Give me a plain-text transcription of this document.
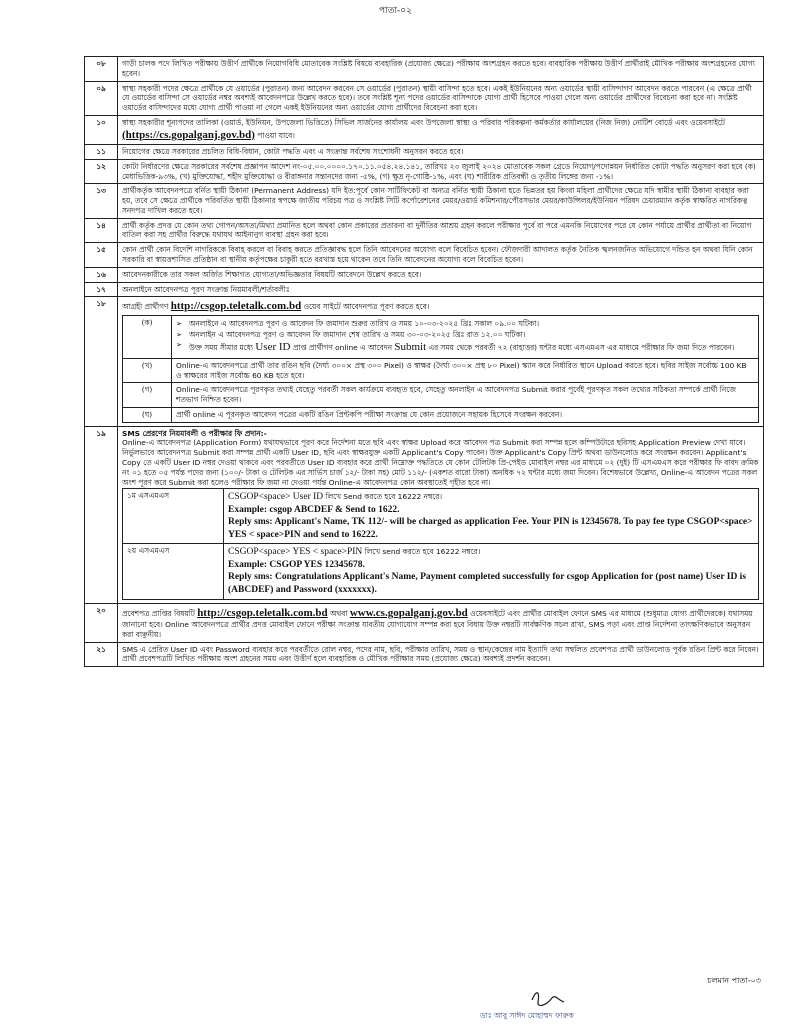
পাতা-০২
০৮	গাড়ী চালক পদে লিখিত পরীক্ষায় উত্তীর্ণ প্রার্থীকে নিয়োগবিধি মোতাবেক সংশ্লিষ্ট বিষয়ে ব্যবহারিক (প্রযোজ্য ক্ষেত্রে) পরীক্ষায় অংশগ্রহন করতে হবে। ব্যবহারিক পরীক্ষায় উত্তীর্ণ প্রার্থীরাই মৌখিক পরীক্ষায় অংশগ্রহনের যোগ্য হবেন।
০৯	স্বাস্থ্য সহকারী পদের ক্ষেত্রে প্রার্থীকে যে ওয়ার্ডের (পুরাতন) জন্য আবেদন করবেন সে ওয়ার্ডের (পুরাতন) স্থায়ী বাসিন্দা হতে হবে। একই ইউনিয়নের অন্য ওয়ার্ডের স্থায়ী বাসিন্দাগণ আবেদন করতে পারবেন (এ ক্ষেত্রে প্রার্থী যে ওয়ার্ডের বাসিন্দা সে ওয়ার্ডের নম্বর অবশ্যই আবেদনপত্রে উল্লেখ করতে হবে)। তবে সংশ্লিষ্ট শূন্য পদের ওয়ার্ডের বাসিন্দাকে যোগ্য প্রার্থী হিসেবে পাওয়া গেলে অন্য ওয়ার্ডের প্রার্থীদের বিবেচনা করা হবে না। সংশ্লিষ্ট ওয়ার্ডের বাসিন্দাদের মধ্যে যোগ্য প্রার্থী পাওয়া না গেলে একই ইউনিয়নের অন্য ওয়ার্ডের যোগ্য প্রার্থীদের বিবেচনা করা হবে।
১০	স্বাস্থ্য সহকারীর শূন্যপদের তালিকা (ওয়ার্ড, ইউনিয়ন, উপজেলা ভিত্তিতে) সিভিল সার্জনের কার্যালয় এবং উপজেলা স্বাস্থ্য ও পরিবার পরিকল্পনা কর্মকর্তার কার্যালয়ের (নিজ নিজ) নোটিশ বোর্ডে এবং ওয়েবসাইটে (https://cs.gopalganj.gov.bd) পাওয়া যাবে।
১১	নিয়োগের ক্ষেত্রে সরকারের প্রচলিত বিধি-বিধান, কোটা পদ্ধতি এবং এ সংক্রান্ত সর্বশেষ সংশোধনী অনুসরন করতে হবে।
১২	কোটা নির্ধারণের ক্ষেত্রে সরকারের সর্বশেষ প্রজ্ঞাপন আদেশ নং-০৫.০০.০০০০.১৭০.১১.০৫৪.২৪.১৪১, তারিখঃ ২৩ জুলাই ২০২৪ মোতাবেক সকল গ্রেডে নিয়োগ/পদোন্নয়ন নির্ধারিত কোটা পদ্ধতি অনুসরণ করা হবে (ক) মেধাভিত্তিক-৯৩%, (খ) মুক্তিযোদ্ধা, শহীদ মুক্তিযোদ্ধা ও বীরাঙ্গনার সন্তানদের জন্য -৫%, (গ) ক্ষুদ্র নৃ-গোষ্ঠি-১%, এবং (ঘ) শারীরিক প্রতিবন্ধী ও তৃতীয় লিঙ্গের জন্য -১%।
১৩	প্রার্থীকর্তৃক আবেদনপত্রে বর্নিত স্থায়ী ঠিকানা (Permanent Address) যদি ইত:পূর্বে কোন সার্টিফিকেট বা অন্যত্র বর্নিত স্থায়ী ঠিকানা হতে ভিন্নতর হয় কিংবা মহিলা প্রার্থীদের ক্ষেত্রে যদি স্বামীর স্থায়ী ঠিকানা ব্যবহার করা হয়, তবে সে ক্ষেত্রে প্রার্থীকে পরিবর্তিত স্থায়ী ঠিকানার স্বপক্ষে জাতীয় পরিচয় পত্র ও সংশ্লিষ্ট সিটি কর্পোরেশনের মেয়র/ওয়ার্ড কমিশনার/পৌরসভার মেয়র/কাউন্সিলর/ইউনিয়ন পরিষদ চেয়ারম্যান কর্তৃক স্বাক্ষরিত নাগরিকত্ব সনদপত্র দাখিল করতে হবে।
১৪	প্রার্থী কর্তৃক প্রদত্ত যে কোন তথ্য গোপন/অসত্য/মিথ্যা প্রমানিত হলে অথবা কোন প্রকারের প্রতারনা বা দুর্নীতির আশ্রয় গ্রহন করলে পরীক্ষার পূর্বে বা পরে এমনকি নিয়োগের পরে যে কোন পর্যায়ে প্রার্থীর প্রার্থীতা বা নিয়োগ বাতিল করা সহ প্রার্থীর বিরুদ্ধে যথাযথ আইনানুগ ব্যবস্থা গ্রহন করা হবে।
১৫	কোন প্রার্থী কোন বিদেশি নাগরিককে বিবাহ করলে বা বিবাহ করতে প্রতিজ্ঞাবদ্ধ হলে তিনি আবেদনের অযোগ্য বলে বিবেচিত হবেন। ফৌজদারী আদালত কর্তৃক নৈতিক স্খলনজনিত অভিযোগে দন্ডিত হন অথবা যিনি কোন সরকারি বা স্বায়ত্তশাসিত প্রতিষ্ঠান বা স্থানীয় কর্তৃপক্ষের চাকুরী হতে বরখাস্ত হয়ে থাকেন তবে তিনি আবেদনের অযোগ্য বলে বিবেচিত হবেন।
১৬	আবেদনকারীকে তার সকল অর্জিত শিক্ষাগত যোগ্যতা/অভিজ্ঞতার বিষয়টি আবেদনে উল্লেখ করতে হবে।
১৭	অনলাইনে আবেদনপত্র পূরণ সংক্রান্ত নিয়মাবলী/শর্তাবলীঃ
১৮	আগ্রহী প্রার্থীগণ http://csgop.teletalk.com.bd ওয়েব সাইটে আবেদনপত্র পূরণ করতে হবে।
(ক)	➢ অনলাইনে এ আবেদনপত্র পূরণ ও আবেদন ফি জমাদান শুরুর তারিখ ও সময় ১০-০৩-২০২৫ খ্রিঃ সকাল ০৯.০০ ঘটিকা।
➢ অনলাইন এ আবেদনপত্র পূরণ ও আবেদন ফি জমাদান শেষ তারিখ ও সময় ৩০-০৩-২০২৫ খ্রিঃ রাত ১২.০০ ঘটিকা।
➢ উক্ত সময় সীমার মধ্যে User ID প্রাপ্ত প্রার্থীগণ online এ আবেদন Submit এর সময় থেকে পরবর্তী ৭২ (বাহাত্তর) ঘন্টার মধ্যে এসএমএস এর মাধ্যমে পরীক্ষার ফি জমা দিতে পারবেন।

(খ)	Online-এ আবেদনপত্রে প্রার্থী তার রঙিন ছবি (দৈর্ঘ্য ৩০০× প্রস্থ ৩০০ Pixel) ও স্বাক্ষর (দৈর্ঘ্য ৩০০× প্রস্থ ৮০ Pixel) স্ক্যান করে নির্ধারিত স্থানে Upload করতে হবে। ছবির সাইজ সর্বোচ্চ 100 KB ও স্বাক্ষরের সাইজ সর্বোচ্চ 60 KB হতে হবে।
(গ)	Online-এ আবেদনপত্রে পূরণকৃত তথ্যই যেহেতু পরবর্তী সকল কার্যক্রমে ব্যবহৃত হবে, সেহেতু অনলাইন এ আবেদনপত্র Submit করার পূর্বেই পূরণকৃত সকল তথ্যের সঠিকতা সম্পর্কে প্রার্থী নিজে শতভাগ নিশ্চিত হবেন।
(ঘ)	প্রার্থী online এ পূরনকৃত আবেদন পত্রের একটি রঙিন প্রিন্টকপি পরীক্ষা সংক্রান্ত যে কোন প্রয়োজনে সহায়ক হিসেবে সংরক্ষন করবেন।

১৯	SMS প্রেরণের নিয়মাবলী ও পরীক্ষার ফি প্রদান:-
Online-এ আবেদনপত্র (Application Form) যথাযথভাবে পূরণ করে নির্দেশনা মতে ছবি এবং স্বাক্ষর Upload করে আবেদন পত্র Submit করা সম্পন্ন হলে কম্পিউটারে ছবিসহ Application Preview দেখা যাবে। নির্ভুলভাবে আবেদনপত্র Submit করা সম্পন্ন প্রার্থী একটি User ID, ছবি এবং স্বাক্ষরযুক্ত একটি Applicant's Copy পাবেন। উক্ত Applicant's Copy প্রিন্ট অথবা ডাউনলোড করে সংরক্ষন করবেন। Applicant's Copy তে একটি User ID নম্বর দেওয়া থাকবে এবং পরবর্তীতে User ID ব্যবহার করে প্রার্থী নিম্নোক্ত পদ্ধতিতে যে কোন টেলিটক প্রি-পেইড মোবাইল নম্বর এর মাধ্যমে ০২ (দুই) টি এসএমএস করে পরীক্ষার ফি বাবদ ক্রমিক নং ০১ হতে ০৫ পর্যন্ত পদের জন্য (১০০/- টাকা ও টেলিটক এর সার্ভিস চার্জ ১২/- টাকা সহ) মোট ১১২/- (একশত বারো টাকা) অনধিক ৭২ ঘন্টার মধ্যে জমা দিবেন। বিশেষভাবে উল্লেখ্য, Online-এ আবেদন পত্রের সকল অংশ পূরণ করে Submit করা হলেও পরীক্ষার ফি জমা না দেওয়া পর্যন্ত Online-এ আবেদনপত্র কোন অবস্থাতেই গৃহীত হবে না।
১ম এসএমএস	CSGOP<space> User ID লিখে Send করতে হবে 16222 নম্বরে।
Example: csgop ABCDEF & Send to 1622.
Reply sms: Applicant's Name, TK 112/- will be charged as application Fee. Your PIN is 12345678. To pay fee type CSGOP<space> YES < space>PIN and send to 16222.

২য় এসএমএস	CSGOP<space> YES < space>PIN লিখে send করতে হবে 16222 নম্বরে।
Example: CSGOP YES 12345678.
Reply sms: Congratulations Applicant's Name, Payment completed successfully for csgop Application for (post name) User ID is (ABCDEF) and Password (xxxxxxx).

২০	প্রবেশপত্র প্রাপ্তির বিষয়টি http://csgop.teletalk.com.bd অথবা www.cs.gopalganj.gov.bd ওয়েবসাইটে এবং প্রার্থীর মোবাইল ফোনে SMS এর মাধ্যমে (শুধুমাত্র যোগ্য প্রার্থীদেরকে) যথাসময় জানানো হবে। Online আবেদনপত্রে প্রার্থীর প্রদত্ত মোবাইল ফোনে পরীক্ষা সংক্রান্ত যাবতীয় যোগাযোগ সম্পন্ন করা হবে বিধায় উক্ত নম্বরটি সার্বক্ষণিক সচল রাখা, SMS পড়া এবং প্রাপ্ত নির্দেশনা তাৎক্ষণিকভাবে অনুসরন করা বাঞ্ছনীয়।
২১	SMS এ প্রেরিত User ID এবং Password ব্যবহার করে পরবর্তীতে রোল নম্বর, পদের নাম, ছবি, পরীক্ষার তারিখ, সময় ও স্থান/কেন্দ্রের নাম ইত্যাদি তথ্য সম্বলিত প্রবেশপত্র প্রার্থী ডাউনলোড পূর্বক রঙিন প্রিন্ট করে নিবেন। প্রার্থী প্রবেশপত্রটি লিখিত পরীক্ষায় অংশ গ্রহনের সময় এবং উত্তীর্ণ হলে ব্যবহারিক ও মৌখিক পরীক্ষার সময় (প্রযোজ্য ক্ষেত্রে) অবশ্যই প্রদর্শন করবেন।
চলমান পাতা-০৩
ডাঃ আবু সাঈদ মোহাম্মদ ফারুক
